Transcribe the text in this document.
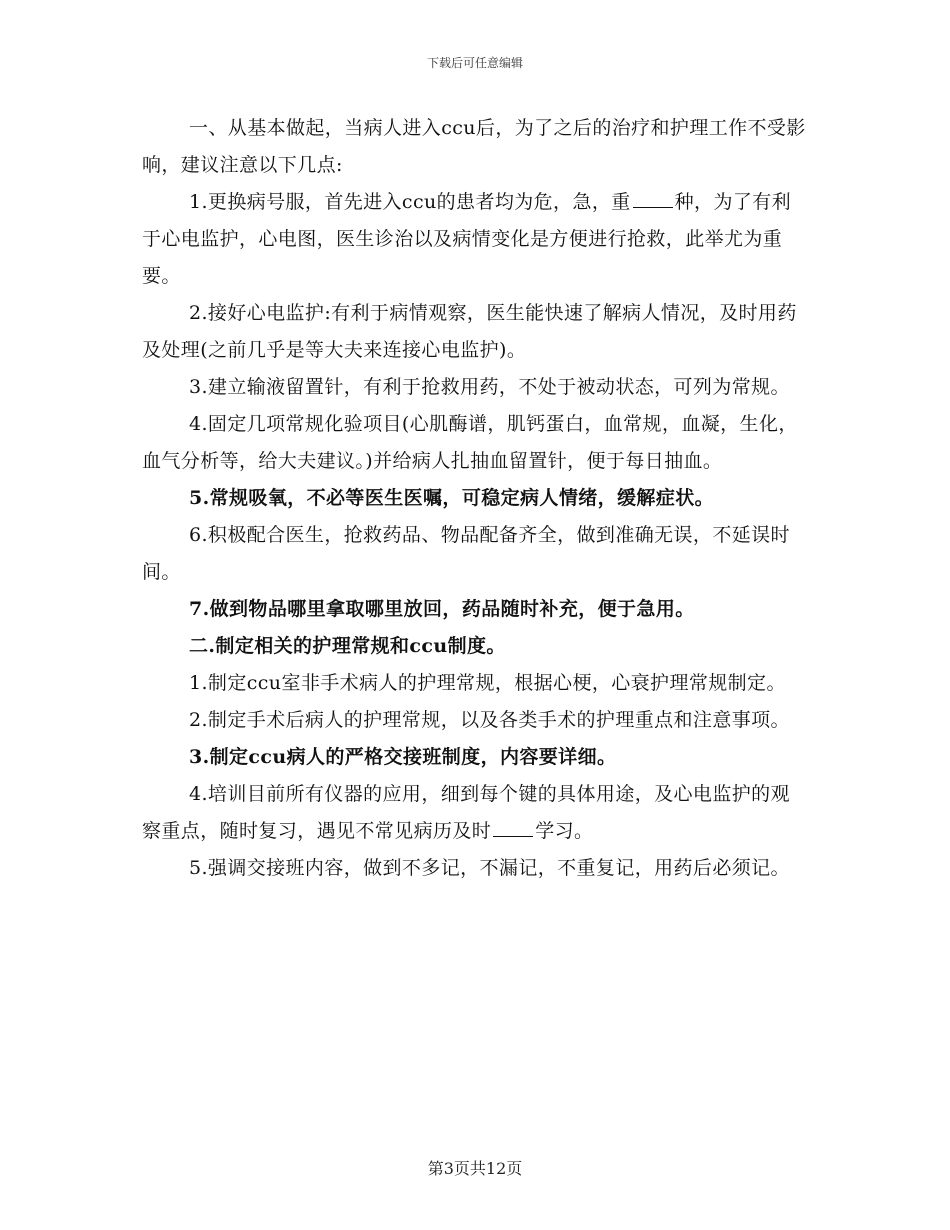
下载后可任意编辑

一、从基本做起，当病人进入ccu后，为了之后的治疗和护理工作不受影响，建议注意以下几点:

1.更换病号服，首先进入ccu的患者均为危，急，重 种，为了有利于心电监护，心电图，医生诊治以及病情变化是方便进行抢救，此举尤为重要。

2.接好心电监护:有利于病情观察，医生能快速了解病人情况，及时用药及处理(之前几乎是等大夫来连接心电监护)。

3.建立输液留置针，有利于抢救用药，不处于被动状态，可列为常规。

4.固定几项常规化验项目(心肌酶谱，肌钙蛋白，血常规，血凝，生化，血气分析等，给大夫建议。)并给病人扎抽血留置针，便于每日抽血。

5.常规吸氧，不必等医生医嘱，可稳定病人情绪，缓解症状。

6.积极配合医生，抢救药品、物品配备齐全，做到准确无误，不延误时间。

7.做到物品哪里拿取哪里放回，药品随时补充，便于急用。

二.制定相关的护理常规和ccu制度。

1.制定ccu室非手术病人的护理常规，根据心梗，心衰护理常规制定。

2.制定手术后病人的护理常规，以及各类手术的护理重点和注意事项。

3.制定ccu病人的严格交接班制度，内容要详细。

4.培训目前所有仪器的应用，细到每个键的具体用途，及心电监护的观察重点，随时复习，遇见不常见病历及时 学习。

5.强调交接班内容，做到不多记，不漏记，不重复记，用药后必须记。

第3页共12页
